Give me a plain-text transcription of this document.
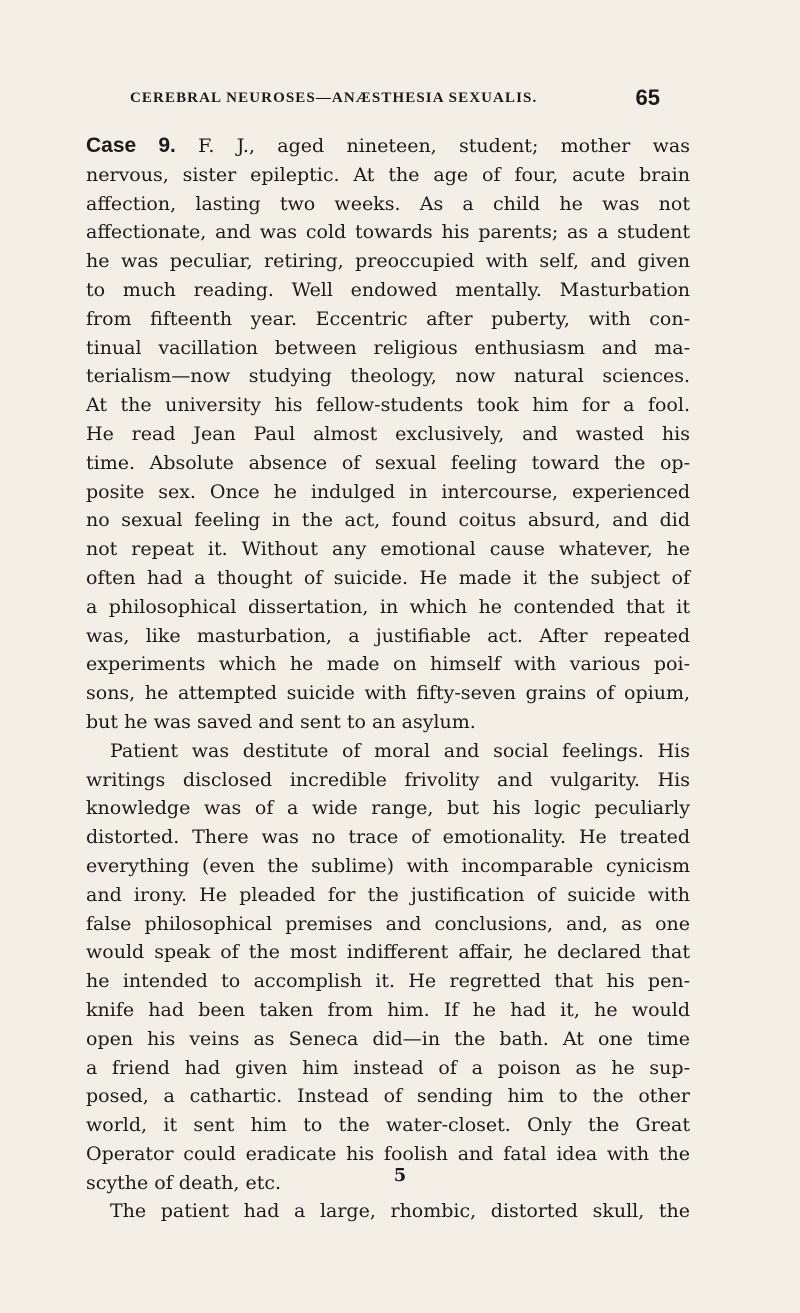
CEREBRAL NEUROSES—ANÆSTHESIA SEXUALIS.	65
Case 9. F. J., aged nineteen, student; mother was
nervous, sister epileptic. At the age of four, acute brain
affection, lasting two weeks. As a child he was not
affectionate, and was cold towards his parents; as a student
he was peculiar, retiring, preoccupied with self, and given
to much reading. Well endowed mentally. Masturbation
from fifteenth year. Eccentric after puberty, with con-
tinual vacillation between religious enthusiasm and ma-
terialism—now studying theology, now natural sciences.
At the university his fellow-students took him for a fool.
He read Jean Paul almost exclusively, and wasted his
time. Absolute absence of sexual feeling toward the op-
posite sex. Once he indulged in intercourse, experienced
no sexual feeling in the act, found coitus absurd, and did
not repeat it. Without any emotional cause whatever, he
often had a thought of suicide. He made it the subject of
a philosophical dissertation, in which he contended that it
was, like masturbation, a justifiable act. After repeated
experiments which he made on himself with various poi-
sons, he attempted suicide with fifty-seven grains of opium,
but he was saved and sent to an asylum.
Patient was destitute of moral and social feelings. His
writings disclosed incredible frivolity and vulgarity. His
knowledge was of a wide range, but his logic peculiarly
distorted. There was no trace of emotionality. He treated
everything (even the sublime) with incomparable cynicism
and irony. He pleaded for the justification of suicide with
false philosophical premises and conclusions, and, as one
would speak of the most indifferent affair, he declared that
he intended to accomplish it. He regretted that his pen-
knife had been taken from him. If he had it, he would
open his veins as Seneca did—in the bath. At one time
a friend had given him instead of a poison as he sup-
posed, a cathartic. Instead of sending him to the other
world, it sent him to the water-closet. Only the Great
Operator could eradicate his foolish and fatal idea with the
scythe of death, etc.
The patient had a large, rhombic, distorted skull, the
5
